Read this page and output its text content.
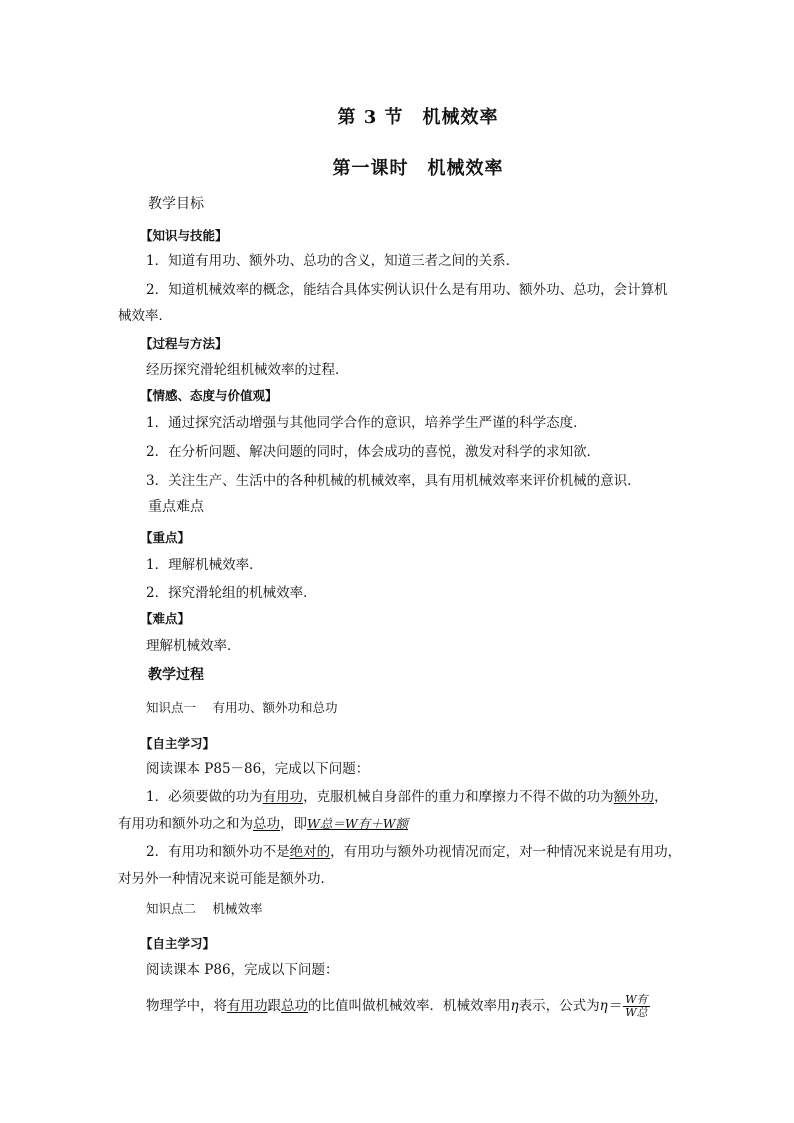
第 3 节　机械效率
第一课时　机械效率
教学目标
【知识与技能】
1．知道有用功、额外功、总功的含义，知道三者之间的关系．
2．知道机械效率的概念，能结合具体实例认识什么是有用功、额外功、总功，会计算机
械效率．
【过程与方法】
经历探究滑轮组机械效率的过程．
【情感、态度与价值观】
1．通过探究活动增强与其他同学合作的意识，培养学生严谨的科学态度．
2．在分析问题、解决问题的同时，体会成功的喜悦，激发对科学的求知欲．
3．关注生产、生活中的各种机械的机械效率，具有用机械效率来评价机械的意识．
重点难点
【重点】
1．理解机械效率．
2．探究滑轮组的机械效率．
【难点】
理解机械效率．
教学过程
知识点一　 有用功、额外功和总功
【自主学习】
阅读课本 P85－86，完成以下问题：
1．必须要做的功为有用功，克服机械自身部件的重力和摩擦力不得不做的功为额外功，
有用功和额外功之和为总功，即W总＝W有＋W额
2．有用功和额外功不是绝对的，有用功与额外功视情况而定，对一种情况来说是有用功，
对另外一种情况来说可能是额外功．
知识点二　 机械效率
【自主学习】
阅读课本 P86，完成以下问题：
物理学中，将有用功跟总功的比值叫做机械效率．机械效率用η表示，公式为$\eta= \frac{\text{W有}}{\text{W总}}$
